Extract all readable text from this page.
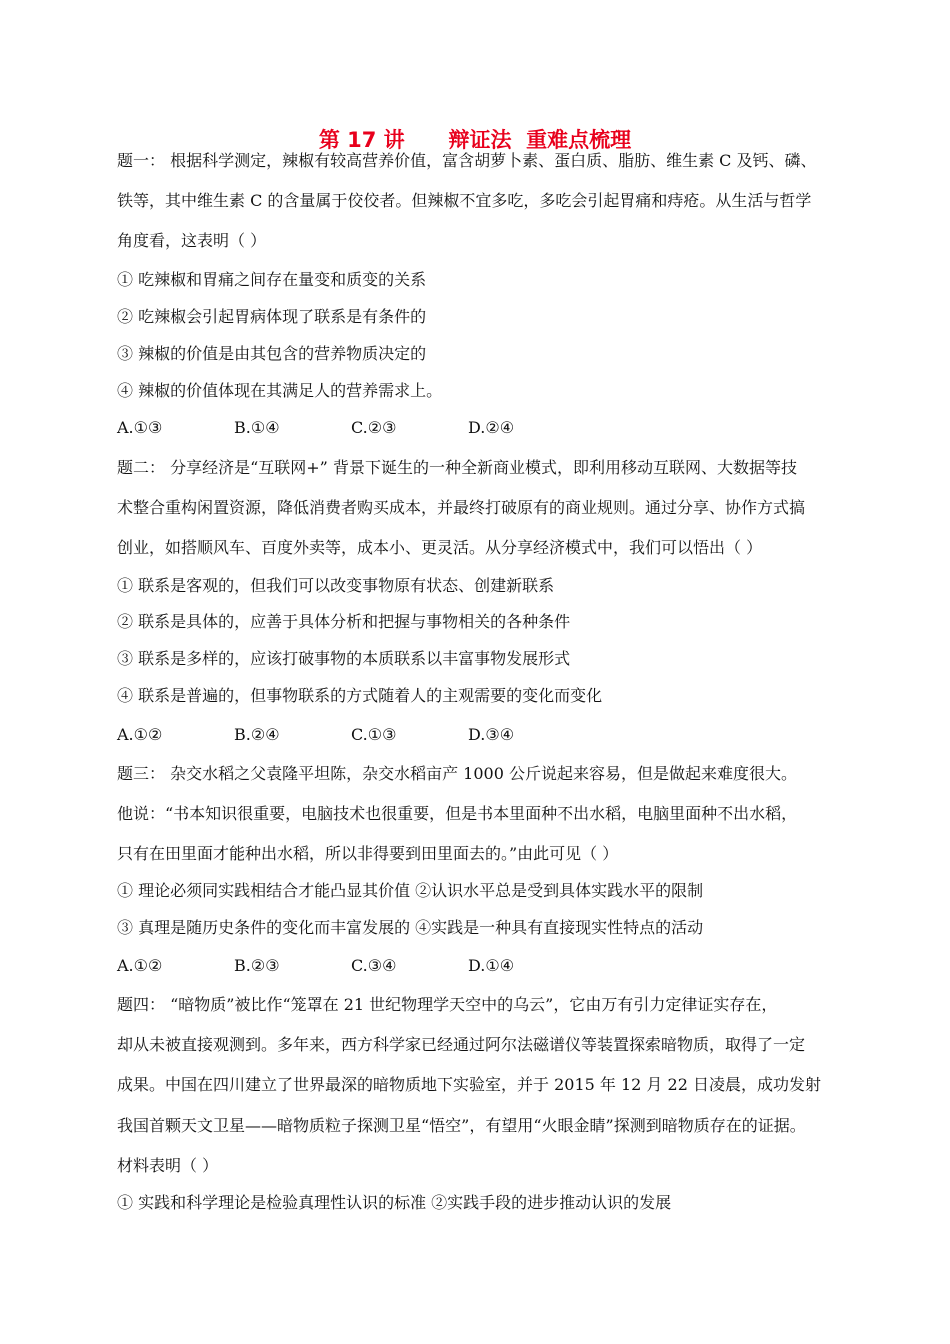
第 17 讲      辩证法  重难点梳理
题一： 根据科学测定，辣椒有较高营养价值，富含胡萝卜素、蛋白质、脂肪、维生素 C 及钙、磷、
铁等，其中维生素 C 的含量属于佼佼者。但辣椒不宜多吃，多吃会引起胃痛和痔疮。从生活与哲学
角度看，这表明（ ）
① 吃辣椒和胃痛之间存在量变和质变的关系
② 吃辣椒会引起胃病体现了联系是有条件的
③ 辣椒的价值是由其包含的营养物质决定的
④ 辣椒的价值体现在其满足人的营养需求上。
A.①③	B.①④	C.②③	D.②④
题二： 分享经济是“互联网+” 背景下诞生的一种全新商业模式，即利用移动互联网、大数据等技
术整合重构闲置资源，降低消费者购买成本，并最终打破原有的商业规则。通过分享、协作方式搞
创业，如搭顺风车、百度外卖等，成本小、更灵活。从分享经济模式中，我们可以悟出（ ）
① 联系是客观的，但我们可以改变事物原有状态、创建新联系
② 联系是具体的，应善于具体分析和把握与事物相关的各种条件
③ 联系是多样的，应该打破事物的本质联系以丰富事物发展形式
④ 联系是普遍的，但事物联系的方式随着人的主观需要的变化而变化
A.①②	B.②④	C.①③	D.③④
题三： 杂交水稻之父袁隆平坦陈，杂交水稻亩产 1000 公斤说起来容易，但是做起来难度很大。
他说：“书本知识很重要，电脑技术也很重要，但是书本里面种不出水稻，电脑里面种不出水稻，
只有在田里面才能种出水稻，所以非得要到田里面去的。”由此可见（ ）
① 理论必须同实践相结合才能凸显其价值 ②认识水平总是受到具体实践水平的限制
③ 真理是随历史条件的变化而丰富发展的 ④实践是一种具有直接现实性特点的活动
A.①②	B.②③	C.③④	D.①④
题四： “暗物质”被比作“笼罩在 21 世纪物理学天空中的乌云”，它由万有引力定律证实存在，
却从未被直接观测到。多年来，西方科学家已经通过阿尔法磁谱仪等装置探索暗物质，取得了一定
成果。中国在四川建立了世界最深的暗物质地下实验室，并于 2015 年 12 月 22 日凌晨，成功发射
我国首颗天文卫星——暗物质粒子探测卫星“悟空”，有望用“火眼金睛”探测到暗物质存在的证据。
材料表明（ ）
① 实践和科学理论是检验真理性认识的标准 ②实践手段的进步推动认识的发展
